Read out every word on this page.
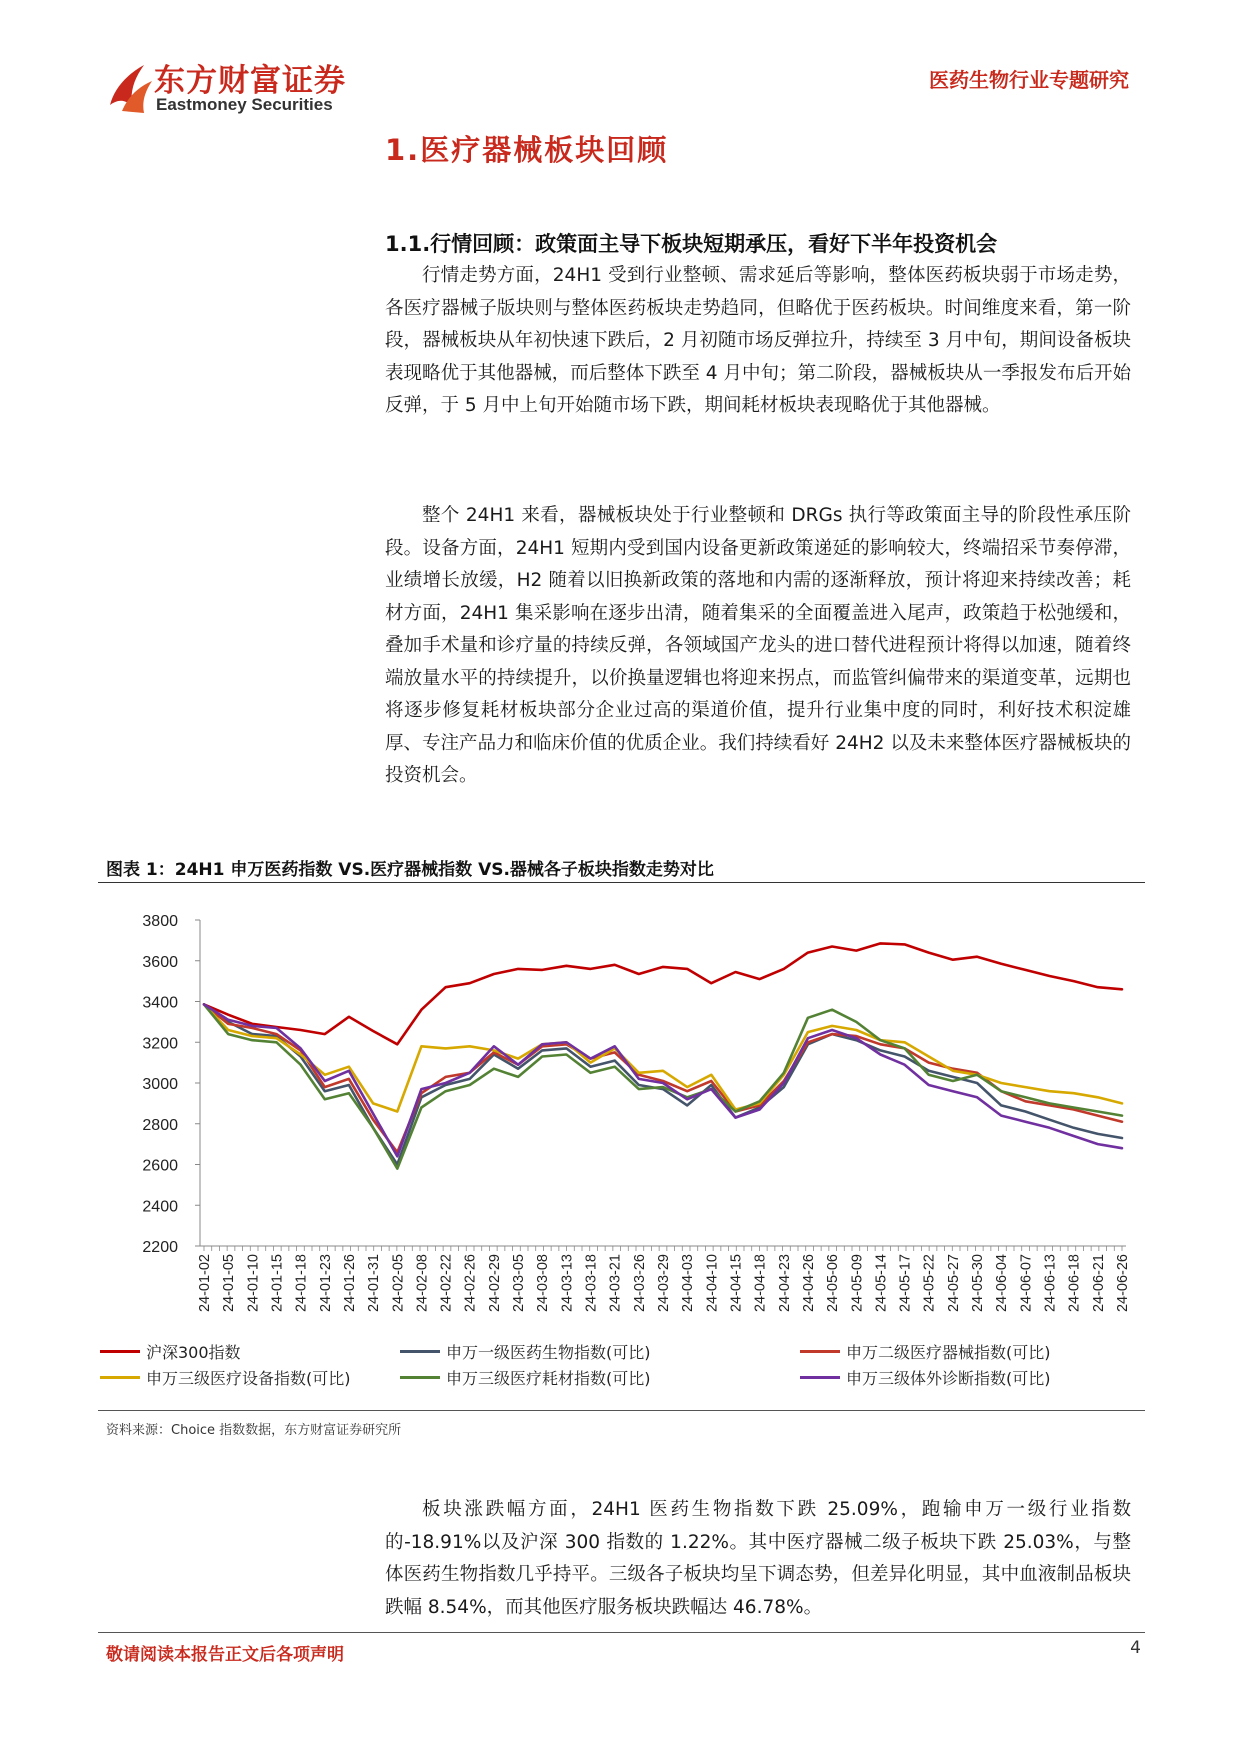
东方财富证券
Eastmoney Securities
医药生物行业专题研究
1.医疗器械板块回顾
1.1.行情回顾：政策面主导下板块短期承压，看好下半年投资机会

行情走势方面，24H1 受到行业整顿、需求延后等影响，整体医药板块弱于市场走势，各医疗器械子版块则与整体医药板块走势趋同，但略优于医药板块。时间维度来看，第一阶段，器械板块从年初快速下跌后，2 月初随市场反弹拉升，持续至 3 月中旬，期间设备板块表现略优于其他器械，而后整体下跌至 4 月中旬；第二阶段，器械板块从一季报发布后开始反弹，于 5 月中上旬开始随市场下跌，期间耗材板块表现略优于其他器械。

整个 24H1 来看，器械板块处于行业整顿和 DRGs 执行等政策面主导的阶段性承压阶段。设备方面，24H1 短期内受到国内设备更新政策递延的影响较大，终端招采节奏停滞，业绩增长放缓，H2 随着以旧换新政策的落地和内需的逐渐释放，预计将迎来持续改善；耗材方面，24H1 集采影响在逐步出清，随着集采的全面覆盖进入尾声，政策趋于松弛缓和，叠加手术量和诊疗量的持续反弹，各领域国产龙头的进口替代进程预计将得以加速，随着终端放量水平的持续提升，以价换量逻辑也将迎来拐点，而监管纠偏带来的渠道变革，远期也将逐步修复耗材板块部分企业过高的渠道价值，提升行业集中度的同时，利好技术积淀雄厚、专注产品力和临床价值的优质企业。我们持续看好 24H2 以及未来整体医疗器械板块的投资机会。

图表 1：24H1 申万医药指数 VS.医疗器械指数 VS.器械各子板块指数走势对比
2200
2400
2600
2800
3000
3200
3400
3600
3800
24-01-02 24-01-05 24-01-10 24-01-15 24-01-18 24-01-23 24-01-26 24-01-31 24-02-05 24-02-08 24-02-22 24-02-26 24-02-29 24-03-05 24-03-08 24-03-13 24-03-18 24-03-21 24-03-26 24-03-29 24-04-03 24-04-10 24-04-15 24-04-18 24-04-23 24-04-26 24-05-06 24-05-09 24-05-14 24-05-17 24-05-22 24-05-27 24-05-30 24-06-04 24-06-07 24-06-13 24-06-18 24-06-21 24-06-26
沪深300指数	申万一级医药生物指数(可比)	申万二级医疗器械指数(可比)
申万三级医疗设备指数(可比)	申万三级医疗耗材指数(可比)	申万三级体外诊断指数(可比)
资料来源：Choice 指数数据，东方财富证券研究所

板块涨跌幅方面，24H1 医药生物指数下跌 25.09%，跑输申万一级行业指数的-18.91%以及沪深 300 指数的 1.22%。其中医疗器械二级子板块下跌 25.03%，与整体医药生物指数几乎持平。三级各子板块均呈下调态势，但差异化明显，其中血液制品板块跌幅 8.54%，而其他医疗服务板块跌幅达 46.78%。

敬请阅读本报告正文后各项声明	4
